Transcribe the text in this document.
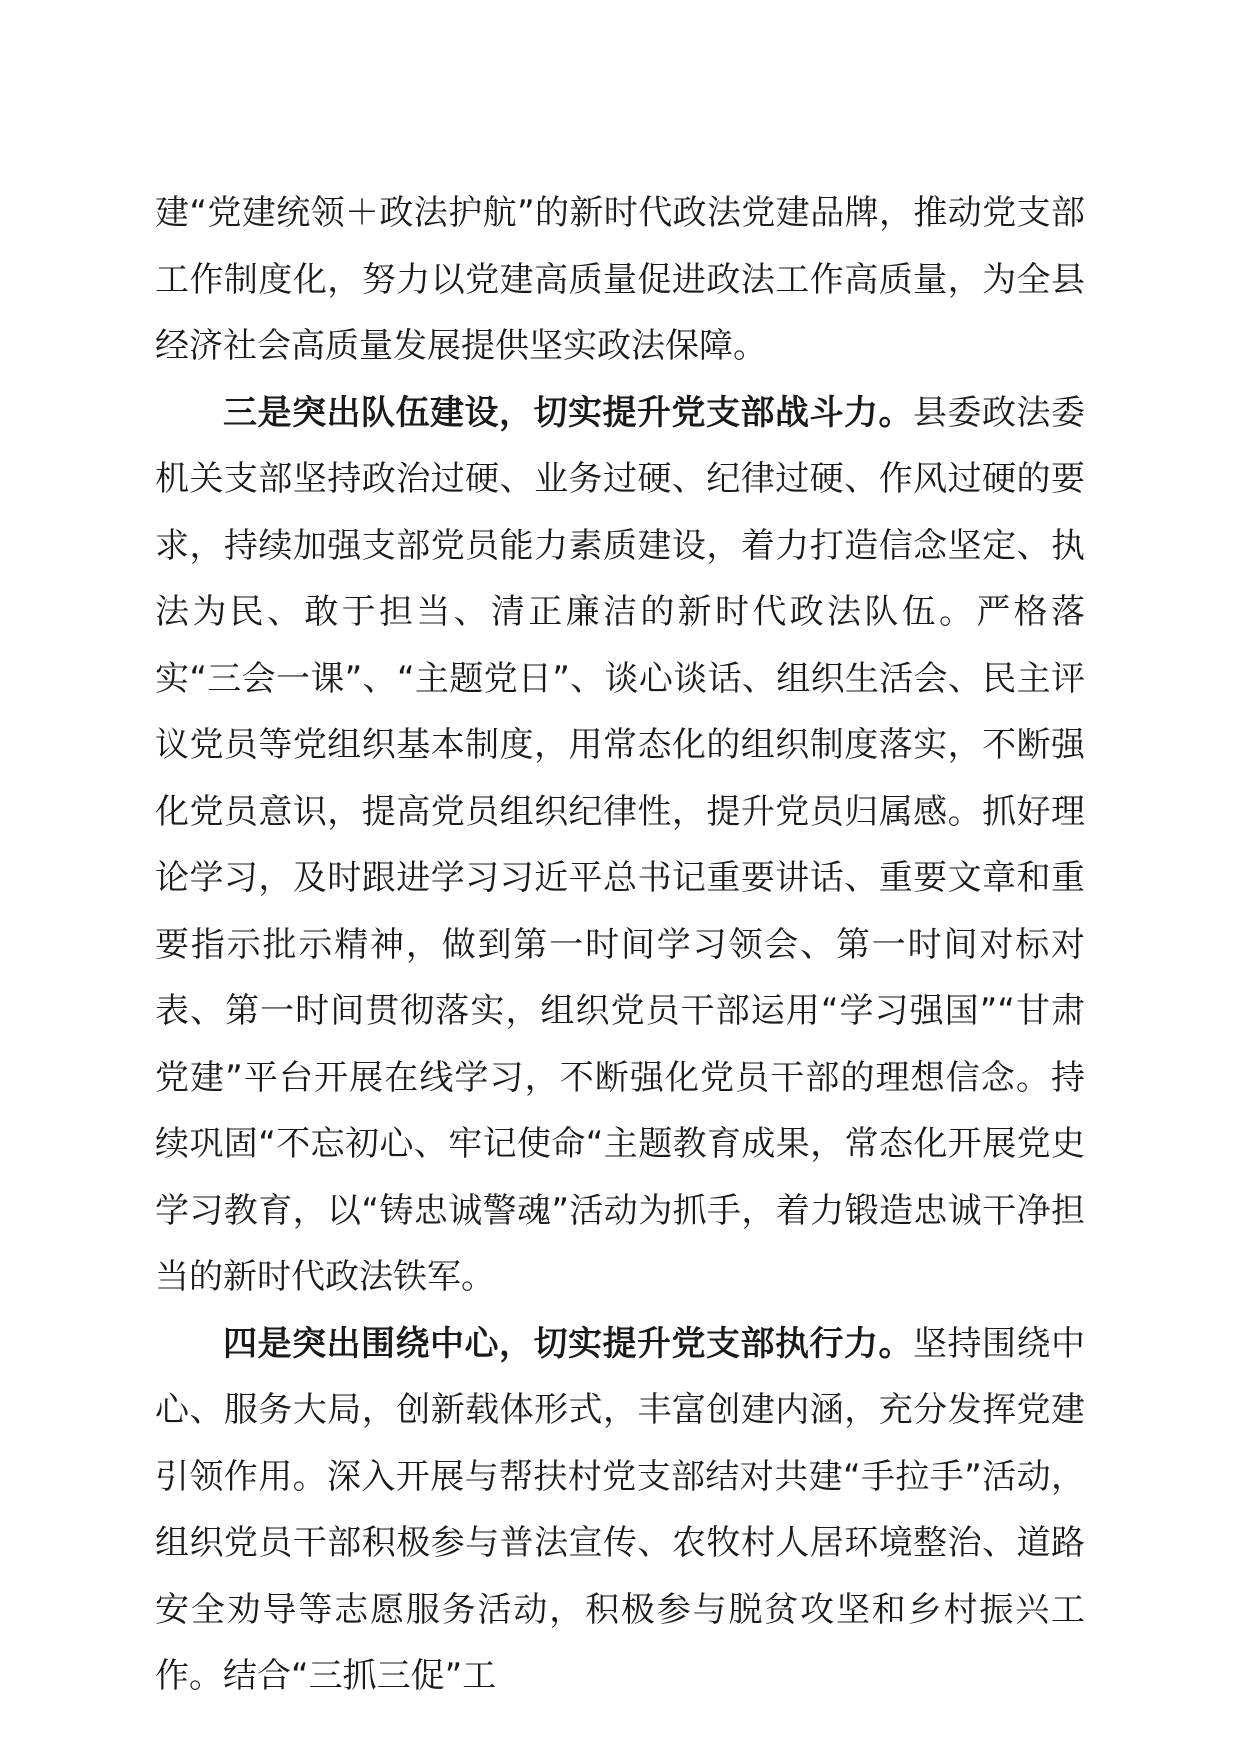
建“党建统领＋政法护航”的新时代政法党建品牌，推动党支部工作制度化，努力以党建高质量促进政法工作高质量，为全县经济社会高质量发展提供坚实政法保障。

三是突出队伍建设，切实提升党支部战斗力。县委政法委机关支部坚持政治过硬、业务过硬、纪律过硬、作风过硬的要求，持续加强支部党员能力素质建设，着力打造信念坚定、执法为民、敢于担当、清正廉洁的新时代政法队伍。严格落实“三会一课”、“主题党日”、谈心谈话、组织生活会、民主评议党员等党组织基本制度，用常态化的组织制度落实，不断强化党员意识，提高党员组织纪律性，提升党员归属感。抓好理论学习，及时跟进学习习近平总书记重要讲话、重要文章和重要指示批示精神，做到第一时间学习领会、第一时间对标对表、第一时间贯彻落实，组织党员干部运用“学习强国”“甘肃党建”平台开展在线学习，不断强化党员干部的理想信念。持续巩固“不忘初心、牢记使命“主题教育成果，常态化开展党史学习教育，以“铸忠诚警魂”活动为抓手，着力锻造忠诚干净担当的新时代政法铁军。

四是突出围绕中心，切实提升党支部执行力。坚持围绕中心、服务大局，创新载体形式，丰富创建内涵，充分发挥党建引领作用。深入开展与帮扶村党支部结对共建“手拉手”活动，组织党员干部积极参与普法宣传、农牧村人居环境整治、道路安全劝导等志愿服务活动，积极参与脱贫攻坚和乡村振兴工作。结合“三抓三促”工
